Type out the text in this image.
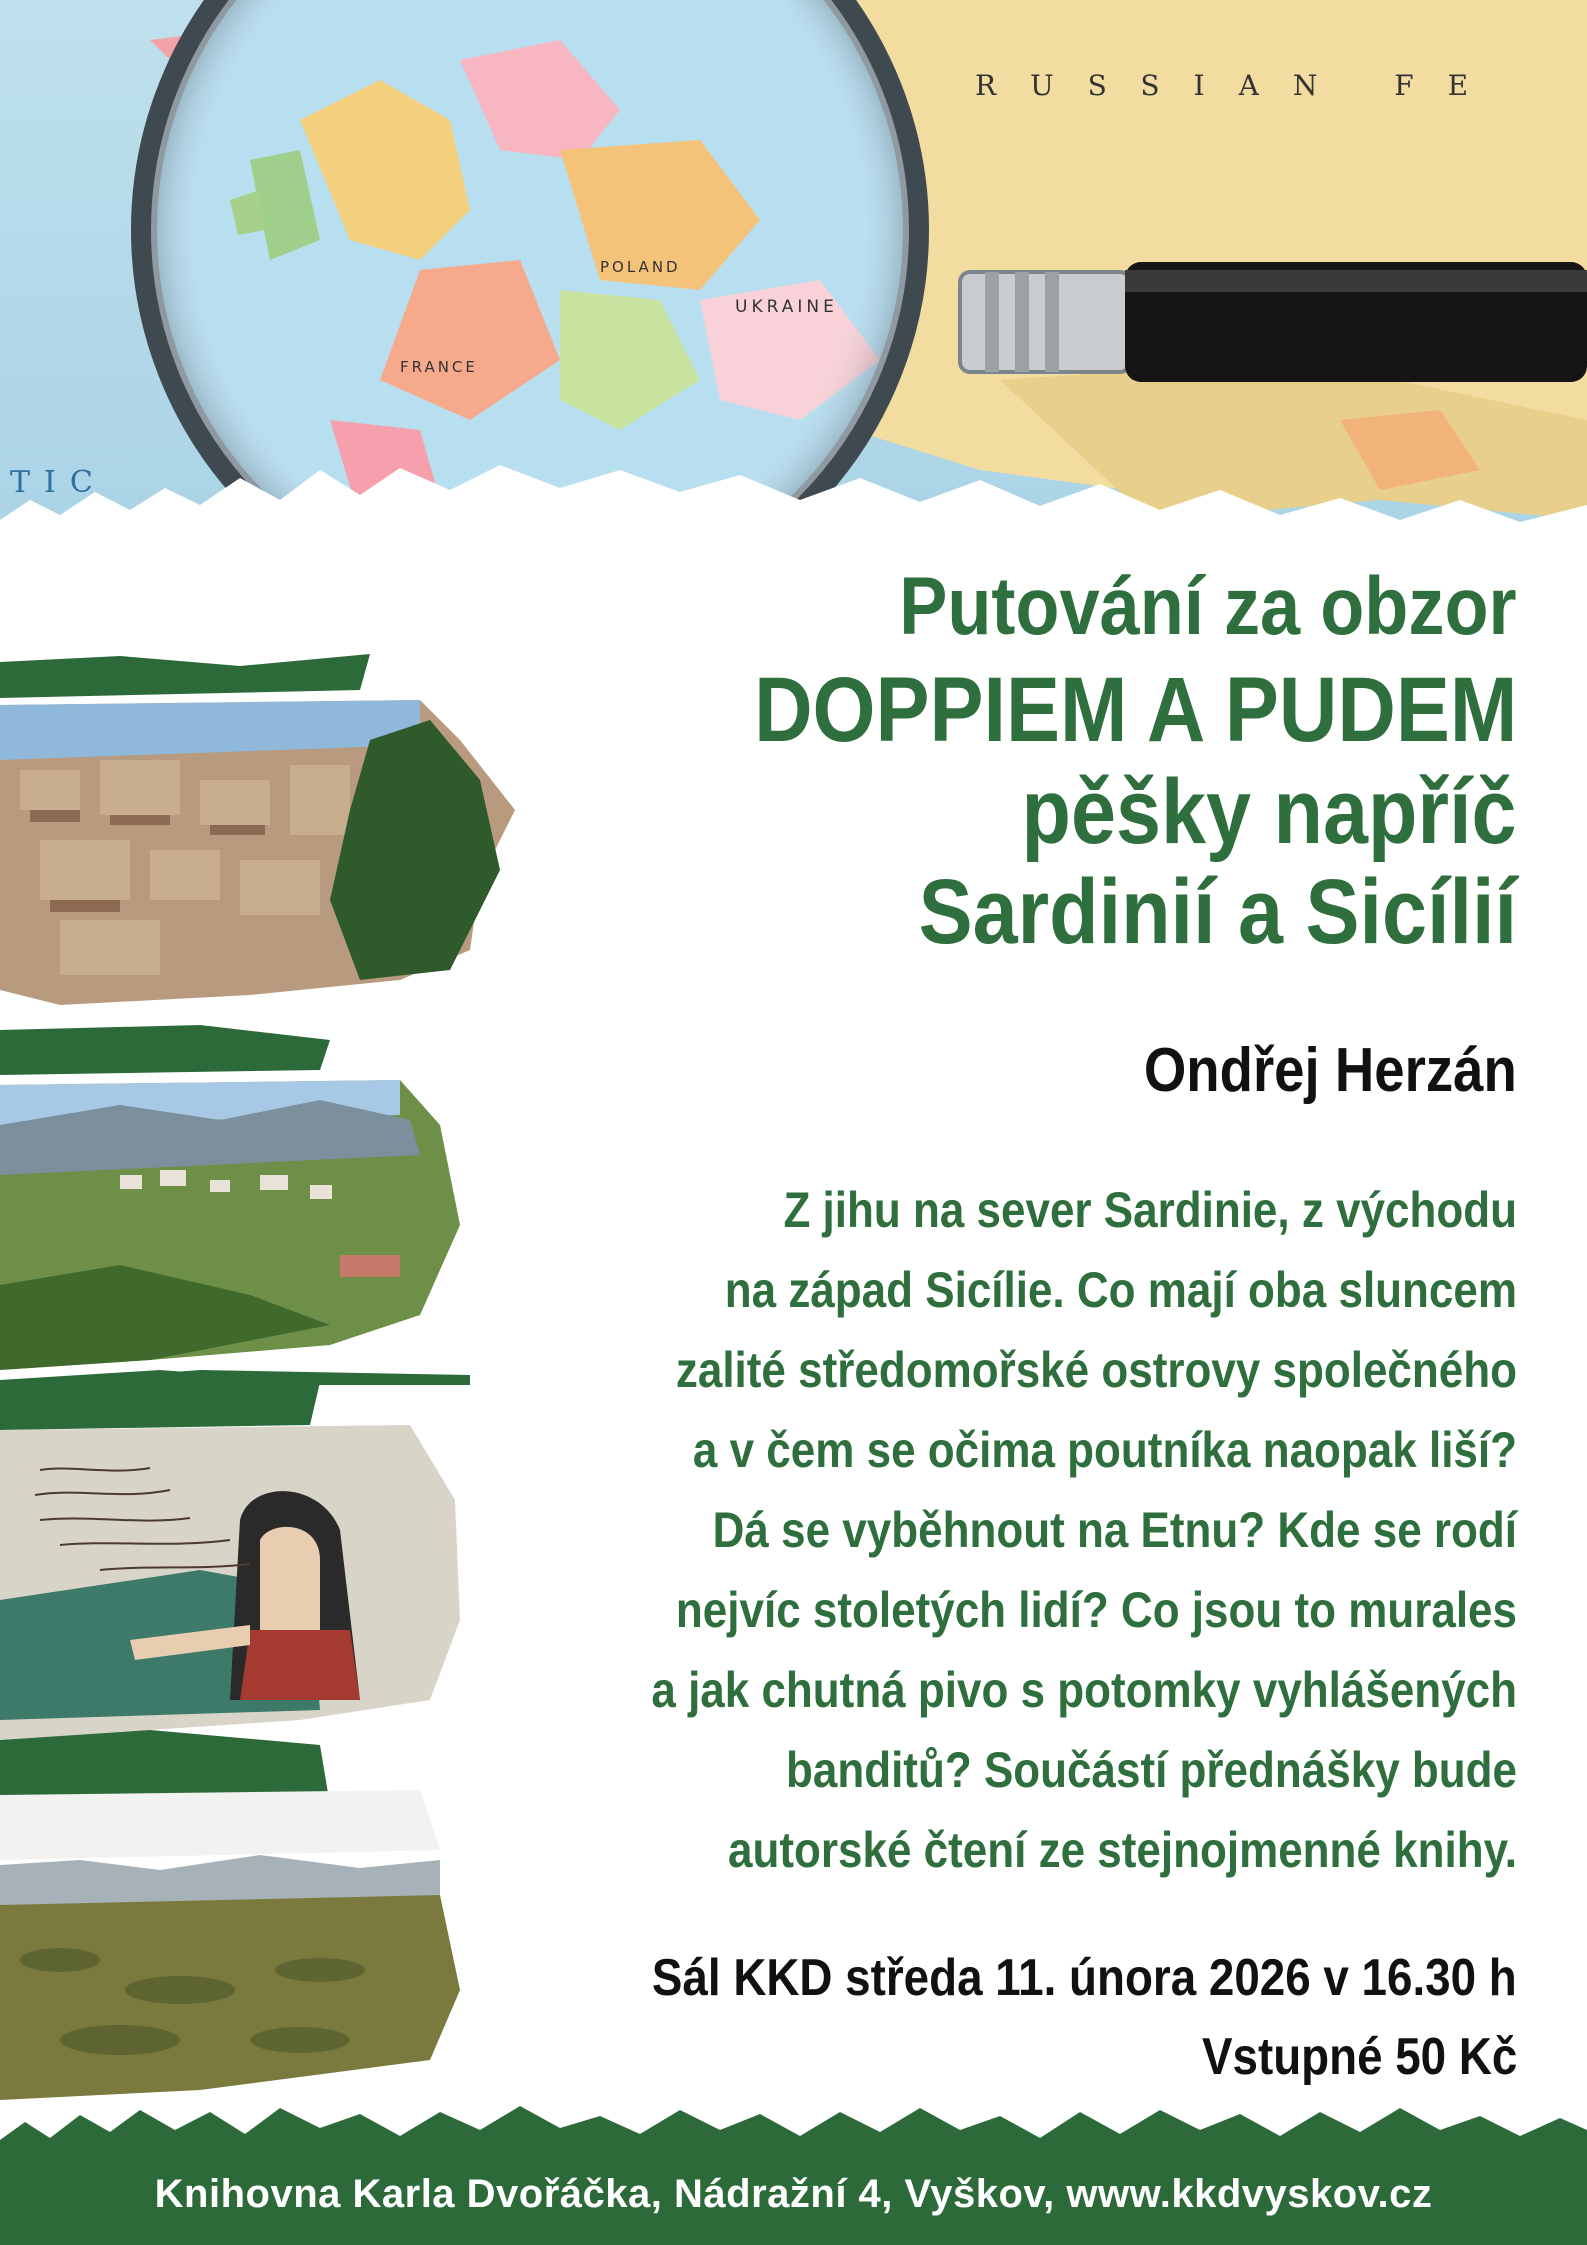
RUSSIAN FE
UKRAINE
FRANCE
POLAND
TIC
Putování za obzor
DOPPIEM A PUDEM
pěšky napříč
Sardinií a Sicílií
Ondřej Herzán
Z jihu na sever Sardinie, z východu
na západ Sicílie. Co mají oba sluncem
zalité středomořské ostrovy společného
a v čem se očima poutníka naopak liší?
Dá se vyběhnout na Etnu? Kde se rodí
nejvíc stoletých lidí? Co jsou to murales
a jak chutná pivo s potomky vyhlášených
banditů? Součástí přednášky bude
autorské čtení ze stejnojmenné knihy.
Sál KKD středa 11. února 2026 v 16.30 h
Vstupné 50 Kč
Knihovna Karla Dvořáčka, Nádražní 4, Vyškov, www.kkdvyskov.cz
